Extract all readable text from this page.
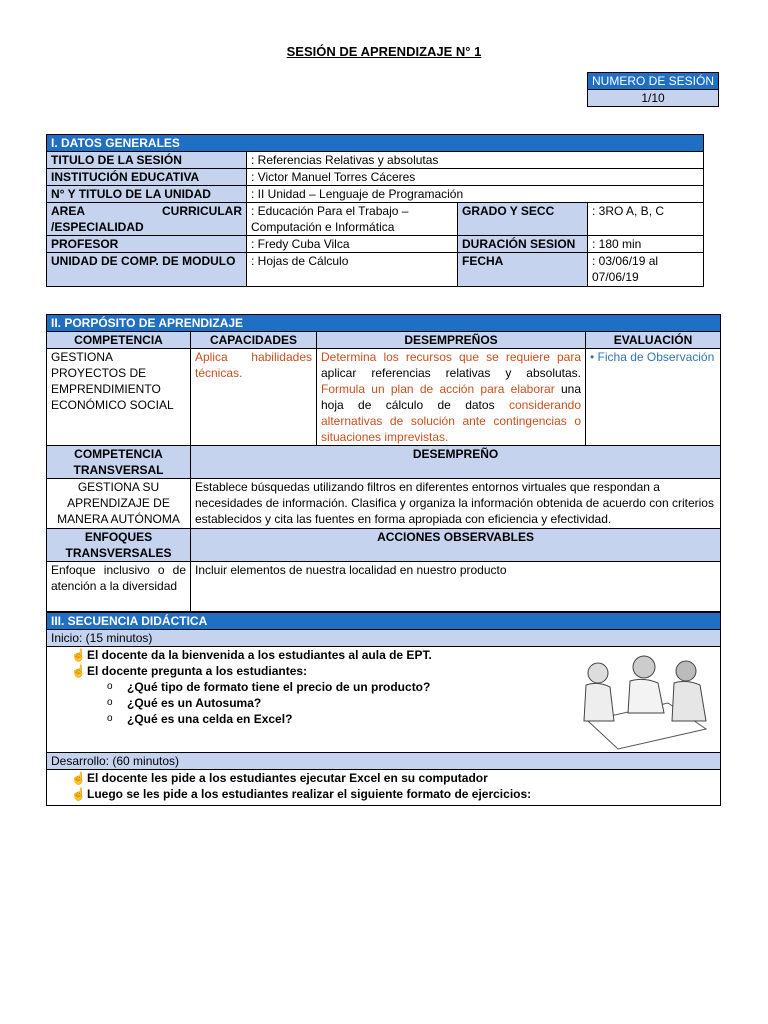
SESIÓN DE APRENDIZAJE N° 1
NUMERO DE SESIÓN
1/10
I. DATOS GENERALES			
TITULO DE LA SESIÓN	: Referencias Relativas y absolutas		
INSTITUCIÓN EDUCATIVA	: Victor Manuel Torres Cáceres		
N° Y TITULO DE LA UNIDAD	: II Unidad – Lenguaje de Programación		
AREA CURRICULAR /ESPECIALIDAD	: Educación Para el Trabajo – Computación e Informática	GRADO Y SECC	: 3RO A, B, C
PROFESOR	: Fredy Cuba Vilca	DURACIÓN SESION	: 180 min
UNIDAD DE COMP. DE MODULO	: Hojas de Cálculo	FECHA	: 03/06/19 al 07/06/19
II. PORPÓSITO DE APRENDIZAJE			
COMPETENCIA	CAPACIDADES	DESEMPREÑOS	EVALUACIÓN
GESTIONA PROYECTOS DE EMPRENDIMIENTO ECONÓMICO SOCIAL	Aplica habilidades técnicas.	Determina los recursos que se requiere para aplicar referencias relativas y absolutas. Formula un plan de acción para elaborar una hoja de cálculo de datos considerando alternativas de solución ante contingencias o situaciones imprevistas.	• Ficha de Observación
COMPETENCIA TRANSVERSAL	DESEMPREÑO		
GESTIONA SU APRENDIZAJE DE MANERA AUTÓNOMA	Establece búsquedas utilizando filtros en diferentes entornos virtuales que respondan a necesidades de información. Clasifica y organiza la información obtenida de acuerdo con criterios establecidos y cita las fuentes en forma apropiada con eficiencia y efectividad.		
ENFOQUES TRANSVERSALES	ACCIONES OBSERVABLES		
Enfoque inclusivo o de atención a la diversidad	Incluir elementos de nuestra localidad en nuestro producto		
III. SECUENCIA DIDÁCTICA
Inicio: (15 minutos)

☝ El docente da la bienvenida a los estudiantes al aula de EPT.
☝ El docente pregunta a los estudiantes:
o	¿Qué tipo de formato tiene el precio de un producto?
o	¿Qué es un Autosuma?
o	¿Qué es una celda en Excel?

Desarrollo: (60 minutos)

☝ El docente les pide a los estudiantes ejecutar Excel en su computador
☝ Luego se les pide a los estudiantes realizar el siguiente formato de ejercicios:
